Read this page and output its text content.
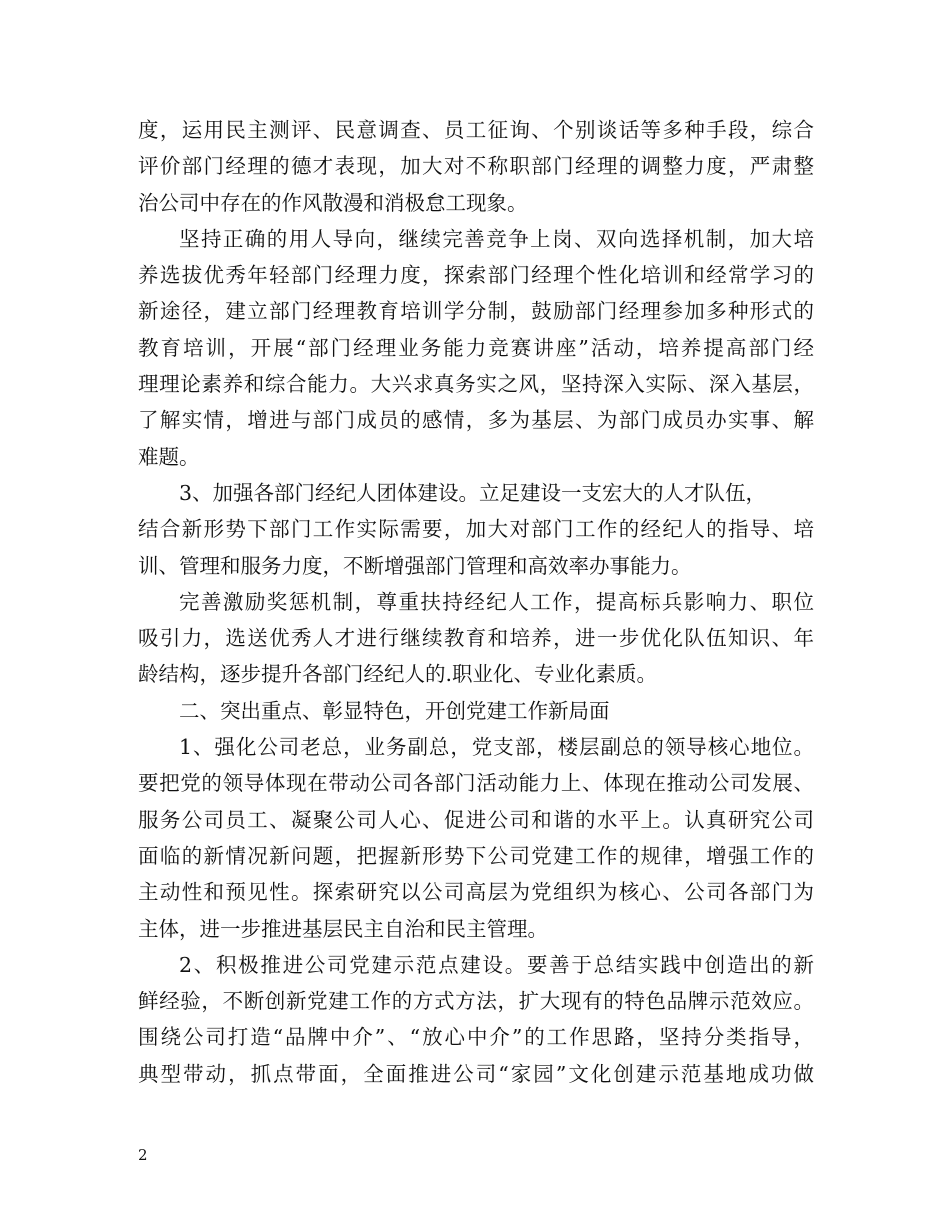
度，运用民主测评、民意调查、员工征询、个别谈话等多种手段，综合
评价部门经理的德才表现，加大对不称职部门经理的调整力度，严肃整
治公司中存在的作风散漫和消极怠工现象。
坚持正确的用人导向，继续完善竞争上岗、双向选择机制，加大培
养选拔优秀年轻部门经理力度，探索部门经理个性化培训和经常学习的
新途径，建立部门经理教育培训学分制，鼓励部门经理参加多种形式的
教育培训，开展“部门经理业务能力竞赛讲座”活动，培养提高部门经
理理论素养和综合能力。大兴求真务实之风，坚持深入实际、深入基层，
了解实情，增进与部门成员的感情，多为基层、为部门成员办实事、解
难题。
3、加强各部门经纪人团体建设。立足建设一支宏大的人才队伍，
结合新形势下部门工作实际需要，加大对部门工作的经纪人的指导、培
训、管理和服务力度，不断增强部门管理和高效率办事能力。
完善激励奖惩机制，尊重扶持经纪人工作，提高标兵影响力、职位
吸引力，选送优秀人才进行继续教育和培养，进一步优化队伍知识、年
龄结构，逐步提升各部门经纪人的.职业化、专业化素质。
二、突出重点、彰显特色，开创党建工作新局面
1、强化公司老总，业务副总，党支部，楼层副总的领导核心地位。
要把党的领导体现在带动公司各部门活动能力上、体现在推动公司发展、
服务公司员工、凝聚公司人心、促进公司和谐的水平上。认真研究公司
面临的新情况新问题，把握新形势下公司党建工作的规律，增强工作的
主动性和预见性。探索研究以公司高层为党组织为核心、公司各部门为
主体，进一步推进基层民主自治和民主管理。
2、积极推进公司党建示范点建设。要善于总结实践中创造出的新
鲜经验，不断创新党建工作的方式方法，扩大现有的特色品牌示范效应。
围绕公司打造“品牌中介”、“放心中介”的工作思路，坚持分类指导，
典型带动，抓点带面，全面推进公司“家园”文化创建示范基地成功做
2
